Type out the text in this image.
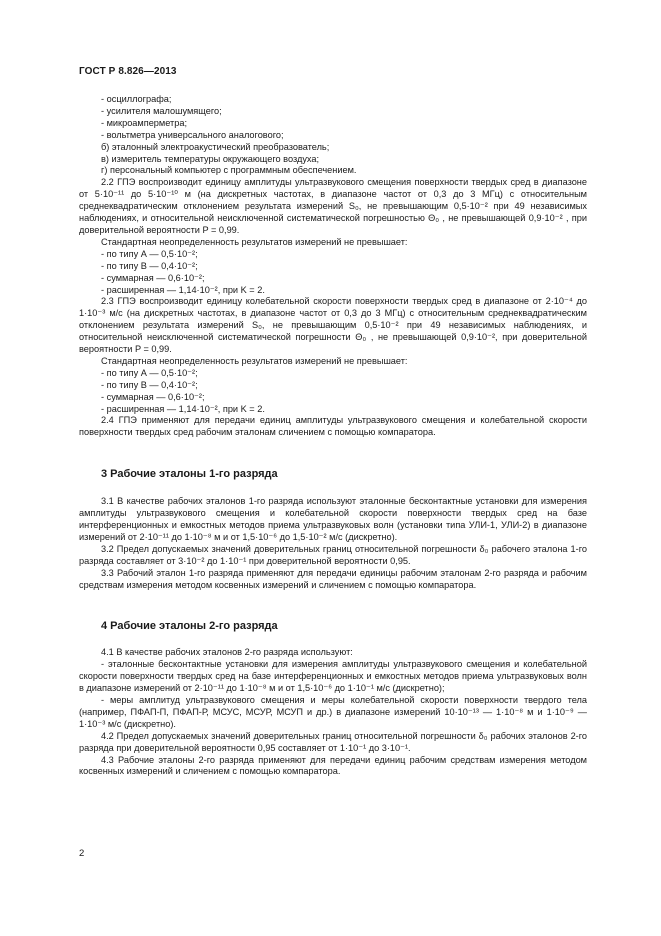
ГОСТ Р 8.826—2013

- осциллографа;

- усилителя малошумящего;

- микроамперметра;

- вольтметра универсального аналогового;

б) эталонный электроакустический преобразователь;

в) измеритель температуры окружающего воздуха;

г) персональный компьютер с программным обеспечением.

2.2 ГПЭ воспроизводит единицу амплитуды ультразвукового смещения поверхности твердых сред в диапазоне от 5·10⁻¹¹ до 5·10⁻¹⁰ м (на дискретных частотах, в диапазоне частот от 0,3 до 3 МГц) с относительным среднеквадратическим отклонением результата измерений S₀, не превышающим 0,5·10⁻² при 49 независимых наблюдениях, и относительной неисключенной систематической погрешностью Θ₀ , не превышающей 0,9·10⁻² , при доверительной вероятности P = 0,99.

Стандартная неопределенность результатов измерений не превышает:

- по типу А — 0,5·10⁻²;

- по типу В — 0,4·10⁻²;

- суммарная — 0,6·10⁻²;

- расширенная — 1,14·10⁻², при K = 2.

2.3 ГПЭ воспроизводит единицу колебательной скорости поверхности твердых сред в диапазоне от 2·10⁻⁴ до 1·10⁻³ м/с (на дискретных частотах, в диапазоне частот от 0,3 до 3 МГц) с относительным среднеквадратическим отклонением результата измерений S₀, не превышающим 0,5·10⁻² при 49 независимых наблюдениях, и относительной неисключенной систематической погрешности Θ₀ , не превышающей 0,9·10⁻², при доверительной вероятности P = 0,99.

Стандартная неопределенность результатов измерений не превышает:

- по типу А — 0,5·10⁻²;

- по типу В — 0,4·10⁻²;

- суммарная — 0,6·10⁻²;

- расширенная — 1,14·10⁻², при K = 2.

2.4 ГПЭ применяют для передачи единиц амплитуды ультразвукового смещения и колебательной скорости поверхности твердых сред рабочим эталонам сличением с помощью компаратора.

3 Рабочие эталоны 1-го разряда

3.1 В качестве рабочих эталонов 1-го разряда используют эталонные бесконтактные установки для измерения амплитуды ультразвукового смещения и колебательной скорости поверхности твердых сред на базе интерференционных и емкостных методов приема ультразвуковых волн (установки типа УЛИ-1, УЛИ-2) в диапазоне измерений от 2·10⁻¹¹ до 1·10⁻⁸ м и от 1,5·10⁻⁶ до 1,5·10⁻² м/с (дискретно).

3.2 Предел допускаемых значений доверительных границ относительной погрешности δ₀ рабочего эталона 1-го разряда составляет от 3·10⁻² до 1·10⁻¹ при доверительной вероятности 0,95.

3.3 Рабочий эталон 1-го разряда применяют для передачи единицы рабочим эталонам 2-го разряда и рабочим средствам измерения методом косвенных измерений и сличением с помощью компаратора.

4 Рабочие эталоны 2-го разряда

4.1 В качестве рабочих эталонов 2-го разряда используют:

- эталонные бесконтактные установки для измерения амплитуды ультразвукового смещения и колебательной скорости поверхности твердых сред на базе интерференционных и емкостных методов приема ультразвуковых волн в диапазоне измерений от 2·10⁻¹¹ до 1·10⁻⁸ м и от 1,5·10⁻⁶ до 1·10⁻¹ м/с (дискретно);

- меры амплитуд ультразвукового смещения и меры колебательной скорости поверхности твердого тела (например, ПФАП-П, ПФАП-Р, МСУС, МСУР, МСУП и др.) в диапазоне измерений 10·10⁻¹³ — 1·10⁻⁸ м и 1·10⁻⁹ — 1·10⁻³ м/с (дискретно).

4.2 Предел допускаемых значений доверительных границ относительной погрешности δ₀ рабочих эталонов 2-го разряда при доверительной вероятности 0,95 составляет от 1·10⁻¹ до 3·10⁻¹.

4.3 Рабочие эталоны 2-го разряда применяют для передачи единиц рабочим средствам измерения методом косвенных измерений и сличением с помощью компаратора.

2
